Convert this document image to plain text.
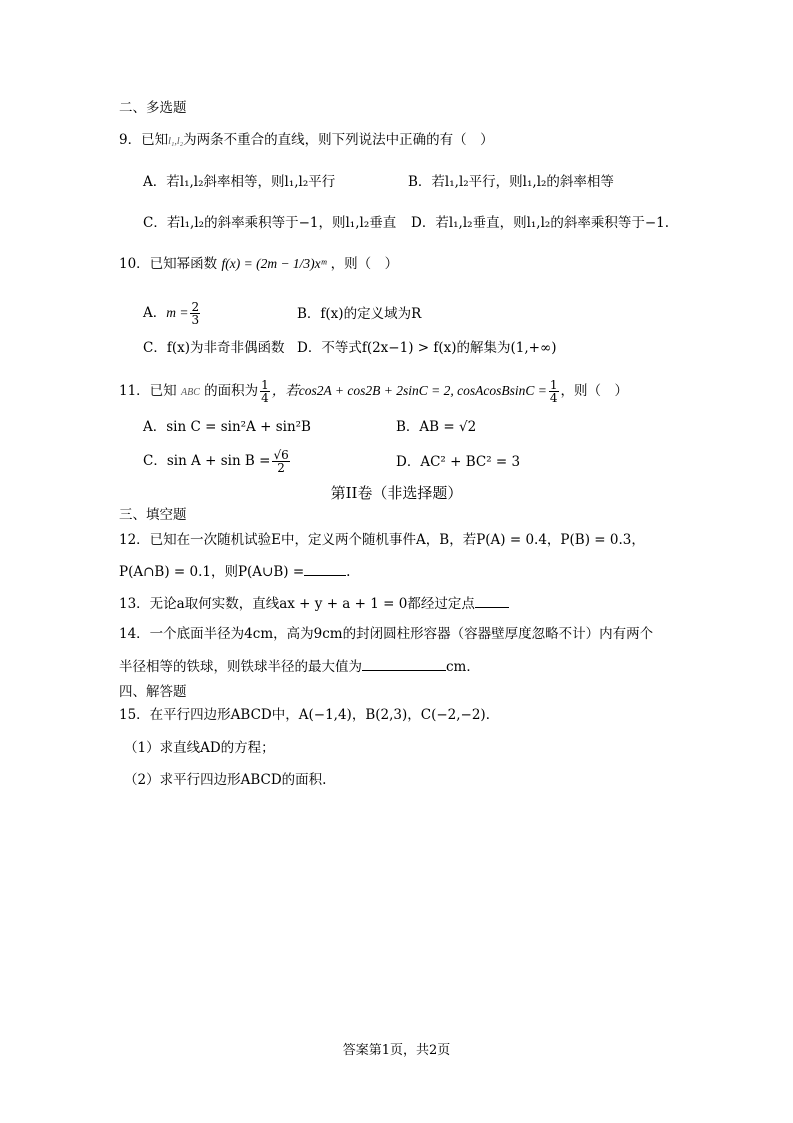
二、多选题
9．已知l₁,l₂为两条不重合的直线，则下列说法中正确的有（　）
A．若l₁,l₂斜率相等，则l₁,l₂平行	B．若l₁,l₂平行，则l₁,l₂的斜率相等
C．若l₁,l₂的斜率乘积等于−1，则l₁,l₂垂直 D．若l₁,l₂垂直，则l₁,l₂的斜率乘积等于−1.
10．已知幂函数 f(x) = (2m − 1/3)xᵐ ，则（　）
A．$m = \frac{2}{3}$	B．f(x)的定义域为R
C．f(x)为非奇非偶函数 D．不等式f(2x−1) > f(x)的解集为(1,+∞)
11．已知 ABC 的面积为 $\frac{1}{4}$ ，若cos2A + cos2B + 2sinC = 2, cosAcosBsinC = $\frac{1}{4}$ ，则（　）
A．sin C = sin²A + sin²B	B．AB = √2
C．$\sin A + \sin B = \frac{√6}{2}$	D．AC² + BC² = 3
第II卷（非选择题）
三、填空题
12．已知在一次随机试验E中，定义两个随机事件A，B，若P(A) = 0.4，P(B) = 0.3，
P(A∩B) = 0.1，则P(A∪B) =	.
13．无论a取何实数，直线ax + y + a + 1 = 0都经过定点
14．一个底面半径为4cm，高为9cm的封闭圆柱形容器（容器壁厚度忽略不计）内有两个
半径相等的铁球，则铁球半径的最大值为	cm．
四、解答题
15．在平行四边形ABCD中，A(−1,4)，B(2,3)，C(−2,−2)．
（1）求直线AD的方程；
（2）求平行四边形ABCD的面积.
答案第1页，共2页
